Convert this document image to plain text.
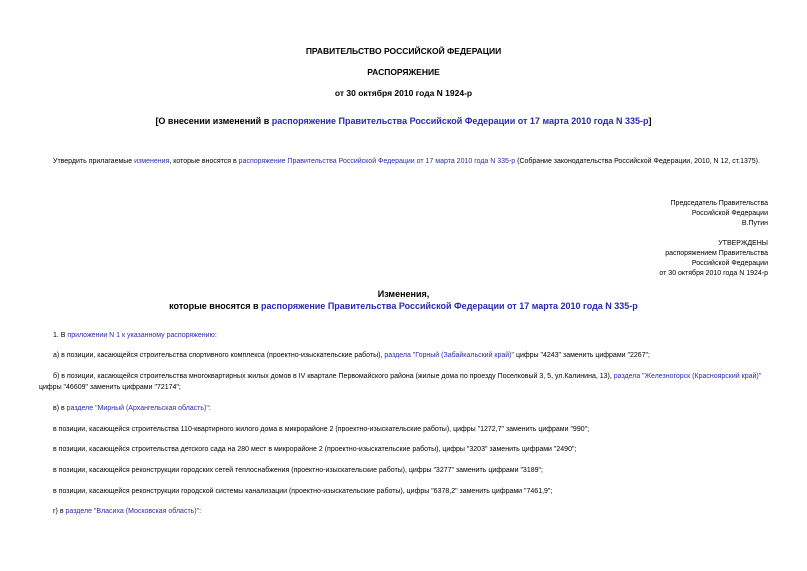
ПРАВИТЕЛЬСТВО РОССИЙСКОЙ ФЕДЕРАЦИИ
РАСПОРЯЖЕНИЕ
от 30 октября 2010 года N 1924-р
[О внесении изменений в распоряжение Правительства Российской Федерации от 17 марта 2010 года N 335-р]
Утвердить прилагаемые изменения, которые вносятся в распоряжение Правительства Российской Федерации от 17 марта 2010 года N 335-р (Собрание законодательства Российской Федерации, 2010, N 12, ст.1375).
Председатель Правительства
Российской Федерации
В.Путин
УТВЕРЖДЕНЫ
распоряжением Правительства
Российской Федерации
от 30 октября 2010 года N 1924-р
Изменения,
которые вносятся в распоряжение Правительства Российской Федерации от 17 марта 2010 года N 335-р
1. В приложении N 1 к указанному распоряжению:
а) в позиции, касающейся строительства спортивного комплекса (проектно-изыскательские работы), раздела "Горный (Забайкальский край)" цифры "4243" заменить цифрами "2267";
б) в позиции, касающейся строительства многоквартирных жилых домов в IV квартале Первомайского района (жилые дома по проезду Поселковый 3, 5, ул.Калинина, 13), раздела "Железногорск (Красноярский край)" цифры "46609" заменить цифрами "72174";
в) в разделе "Мирный (Архангельская область)":
в позиции, касающейся строительства 110-квартирного жилого дома в микрорайоне 2 (проектно-изыскательские работы), цифры "1272,7" заменить цифрами "990";
в позиции, касающейся строительства детского сада на 280 мест в микрорайоне 2 (проектно-изыскательские работы), цифры "3203" заменить цифрами "2490";
в позиции, касающейся реконструкции городских сетей теплоснабжения (проектно-изыскательские работы), цифры "3277" заменить цифрами "3189";
в позиции, касающейся реконструкции городской системы канализации (проектно-изыскательские работы), цифры "6378,2" заменить цифрами "7461,9";
г) в разделе "Власиха (Московская область)":
